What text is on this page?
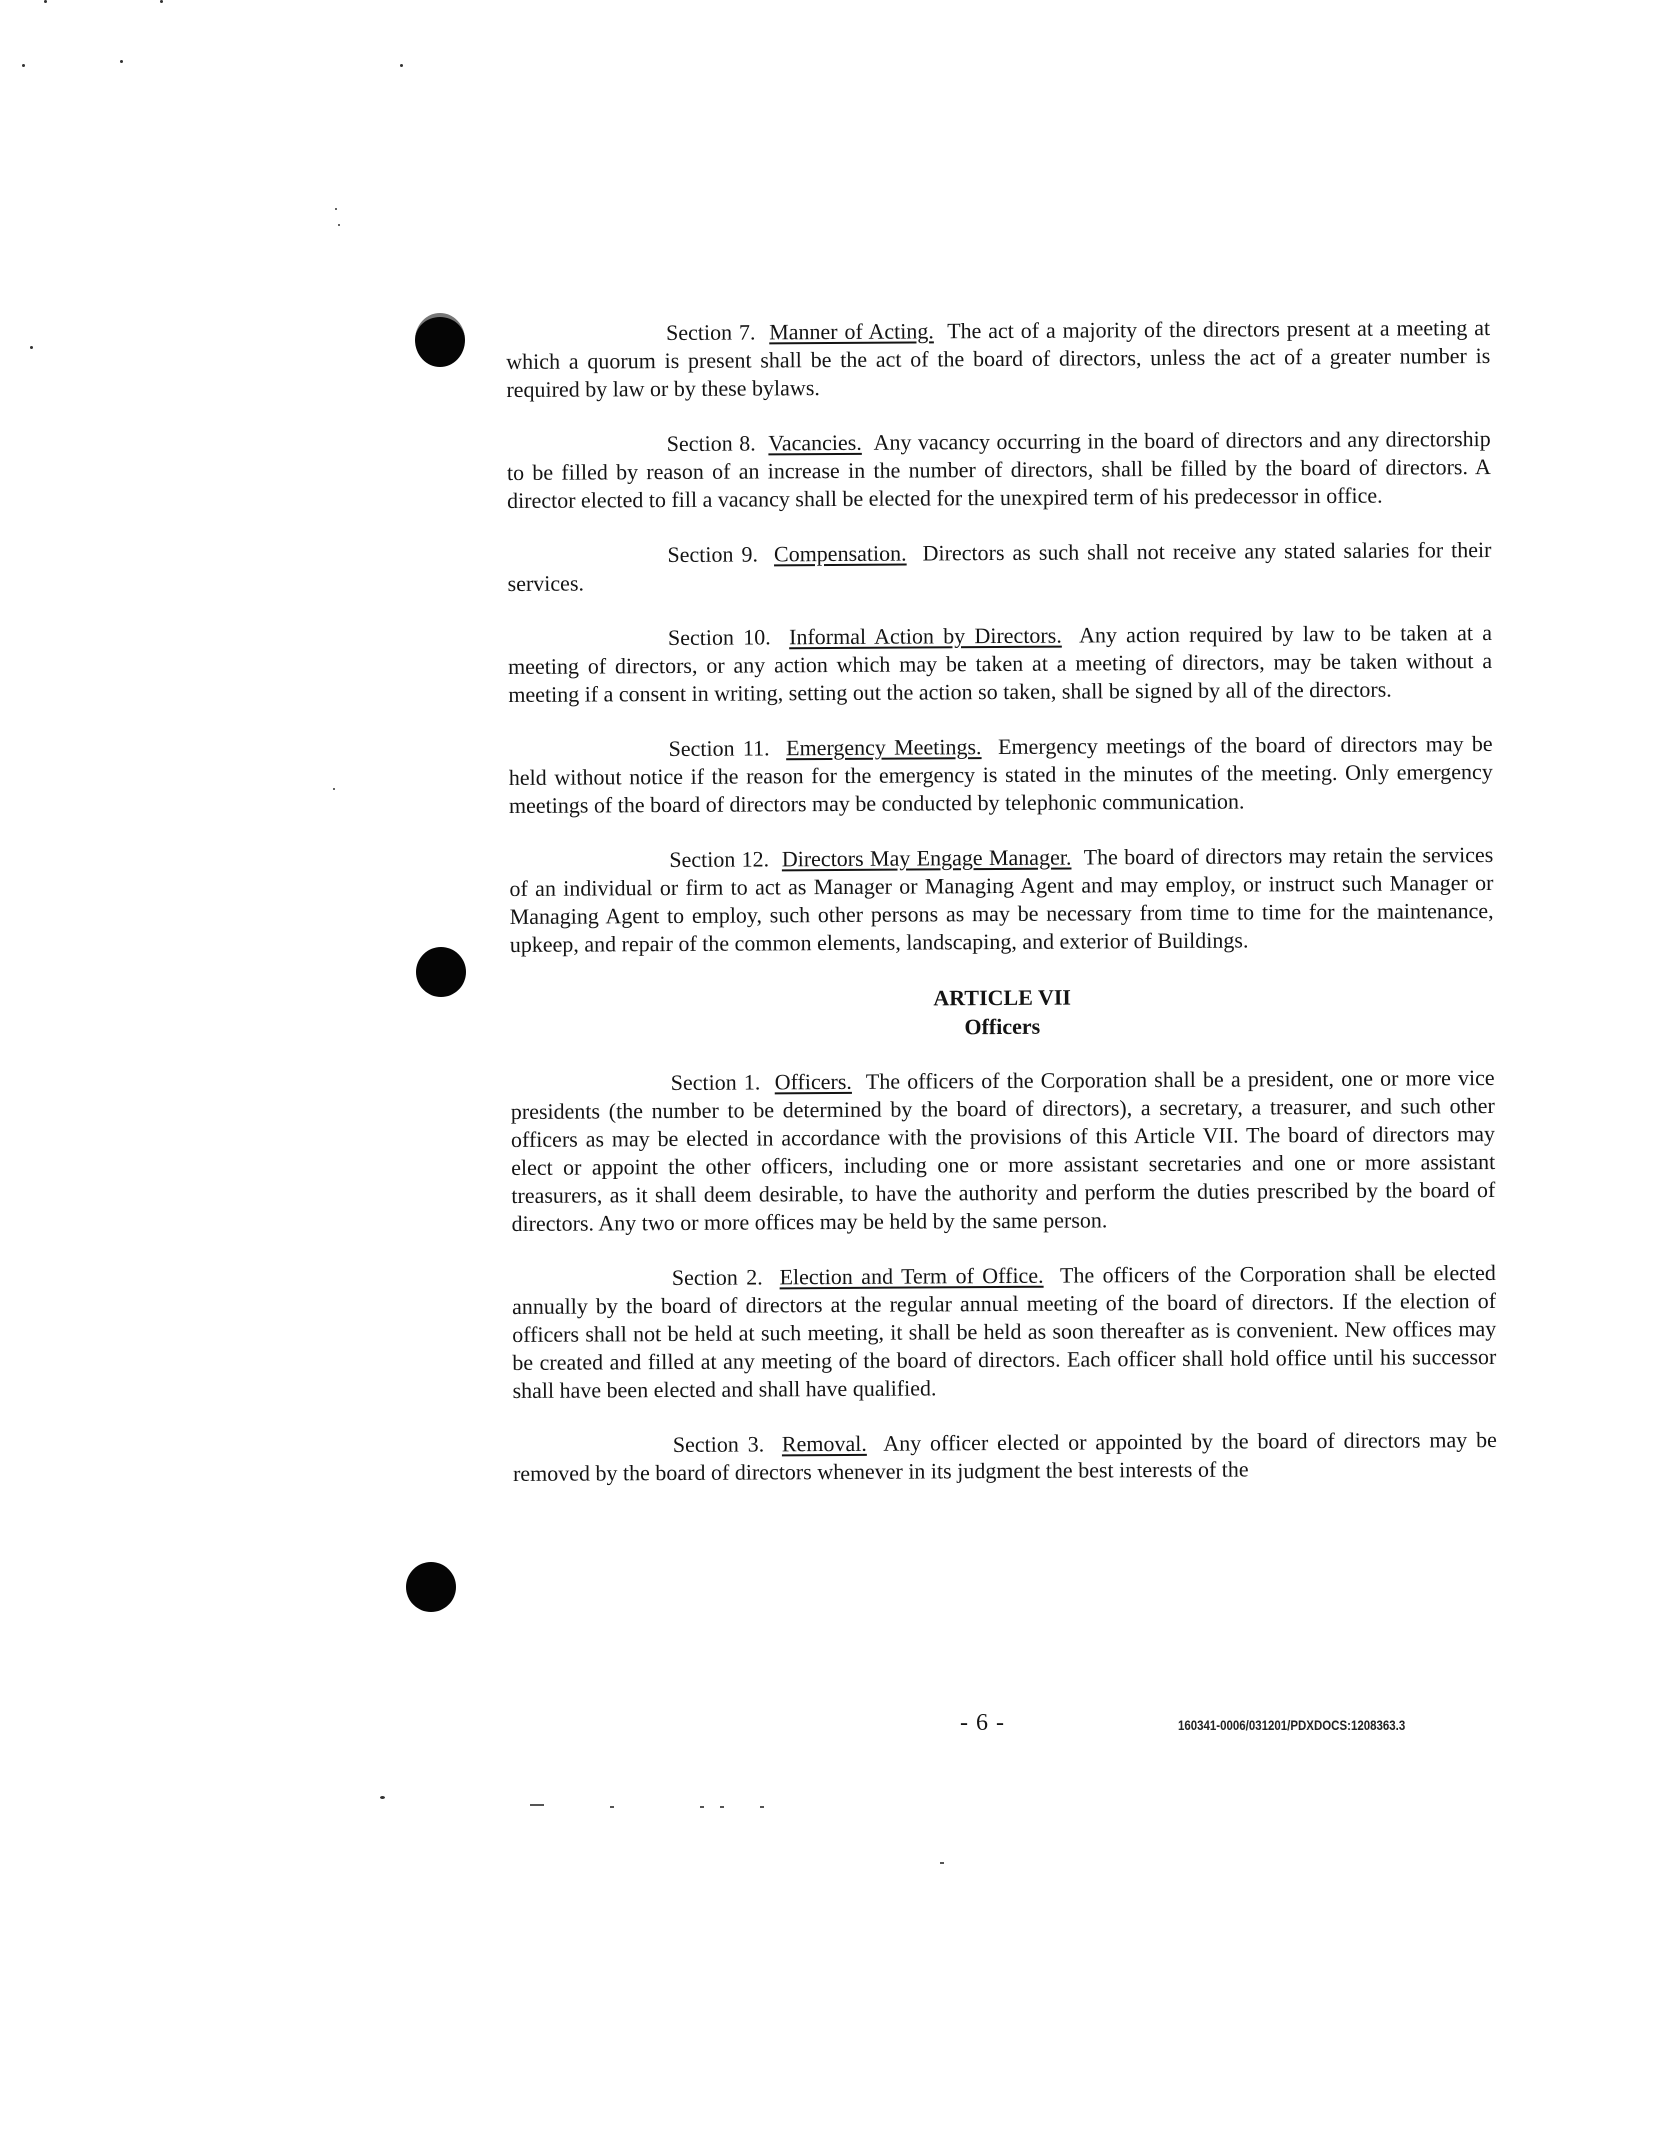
Section 7. Manner of Acting. The act of a majority of the directors present at a meeting at which a quorum is present shall be the act of the board of directors, unless the act of a greater number is required by law or by these bylaws.

Section 8. Vacancies. Any vacancy occurring in the board of directors and any directorship to be filled by reason of an increase in the number of directors, shall be filled by the board of directors. A director elected to fill a vacancy shall be elected for the unexpired term of his predecessor in office.

Section 9. Compensation. Directors as such shall not receive any stated salaries for their services.

Section 10. Informal Action by Directors. Any action required by law to be taken at a meeting of directors, or any action which may be taken at a meeting of directors, may be taken without a meeting if a consent in writing, setting out the action so taken, shall be signed by all of the directors.

Section 11. Emergency Meetings. Emergency meetings of the board of directors may be held without notice if the reason for the emergency is stated in the minutes of the meeting. Only emergency meetings of the board of directors may be conducted by telephonic communication.

Section 12. Directors May Engage Manager. The board of directors may retain the services of an individual or firm to act as Manager or Managing Agent and may employ, or instruct such Manager or Managing Agent to employ, such other persons as may be necessary from time to time for the maintenance, upkeep, and repair of the common elements, landscaping, and exterior of Buildings.

ARTICLE VII
Officers

Section 1. Officers. The officers of the Corporation shall be a president, one or more vice presidents (the number to be determined by the board of directors), a secretary, a treasurer, and such other officers as may be elected in accordance with the provisions of this Article VII. The board of directors may elect or appoint the other officers, including one or more assistant secretaries and one or more assistant treasurers, as it shall deem desirable, to have the authority and perform the duties prescribed by the board of directors. Any two or more offices may be held by the same person.

Section 2. Election and Term of Office. The officers of the Corporation shall be elected annually by the board of directors at the regular annual meeting of the board of directors. If the election of officers shall not be held at such meeting, it shall be held as soon thereafter as is convenient. New offices may be created and filled at any meeting of the board of directors. Each officer shall hold office until his successor shall have been elected and shall have qualified.

Section 3. Removal. Any officer elected or appointed by the board of directors may be removed by the board of directors whenever in its judgment the best interests of the

- 6 -	160341-0006/031201/PDXDOCS:1208363.3
